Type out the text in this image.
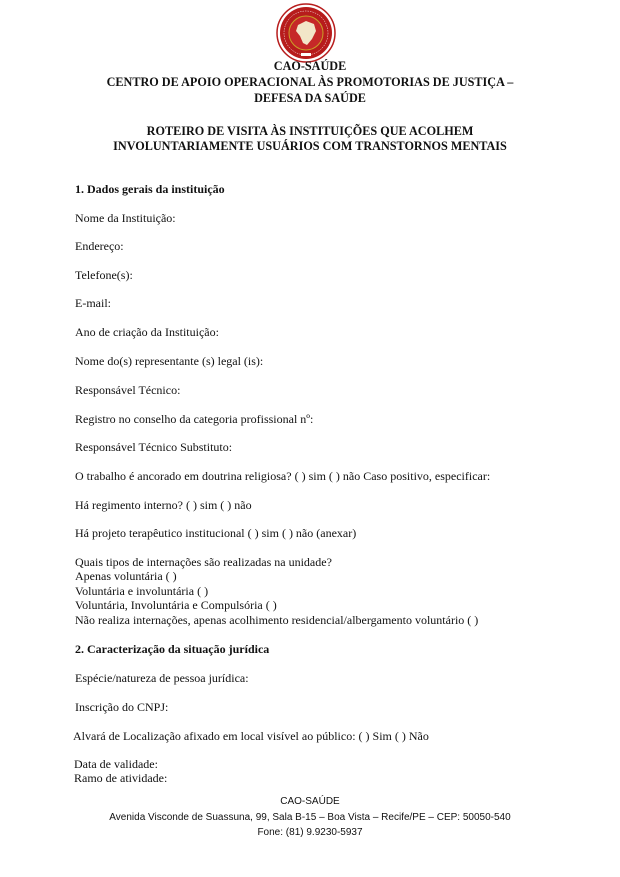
CAO-SAÚDE
CENTRO DE APOIO OPERACIONAL ÀS PROMOTORIAS DE JUSTIÇA –
DEFESA DA SAÚDE
ROTEIRO DE VISITA ÀS INSTITUIÇÕES QUE ACOLHEM
INVOLUNTARIAMENTE USUÁRIOS COM TRANSTORNOS MENTAIS
1. Dados gerais da instituição
Nome da Instituição:
Endereço:
Telefone(s):
E-mail:
Ano de criação da Instituição:
Nome do(s) representante (s) legal (is):
Responsável Técnico:
Registro no conselho da categoria profissional nº:
Responsável Técnico Substituto:
O trabalho é ancorado em doutrina religiosa? ( ) sim ( ) não Caso positivo, especificar:
Há regimento interno? ( ) sim ( ) não
Há projeto terapêutico institucional ( ) sim ( ) não (anexar)
Quais tipos de internações são realizadas na unidade?
Apenas voluntária ( )
Voluntária e involuntária ( )
Voluntária, Involuntária e Compulsória ( )
Não realiza internações, apenas acolhimento residencial/albergamento voluntário ( )
2. Caracterização da situação jurídica
Espécie/natureza de pessoa jurídica:
Inscrição do CNPJ:
Alvará de Localização afixado em local visível ao público: ( ) Sim ( ) Não
Data de validade:
Ramo de atividade:
CAO-SAÚDE
Avenida Visconde de Suassuna, 99, Sala B-15 – Boa Vista – Recife/PE – CEP: 50050-540
Fone: (81) 9.9230-5937
